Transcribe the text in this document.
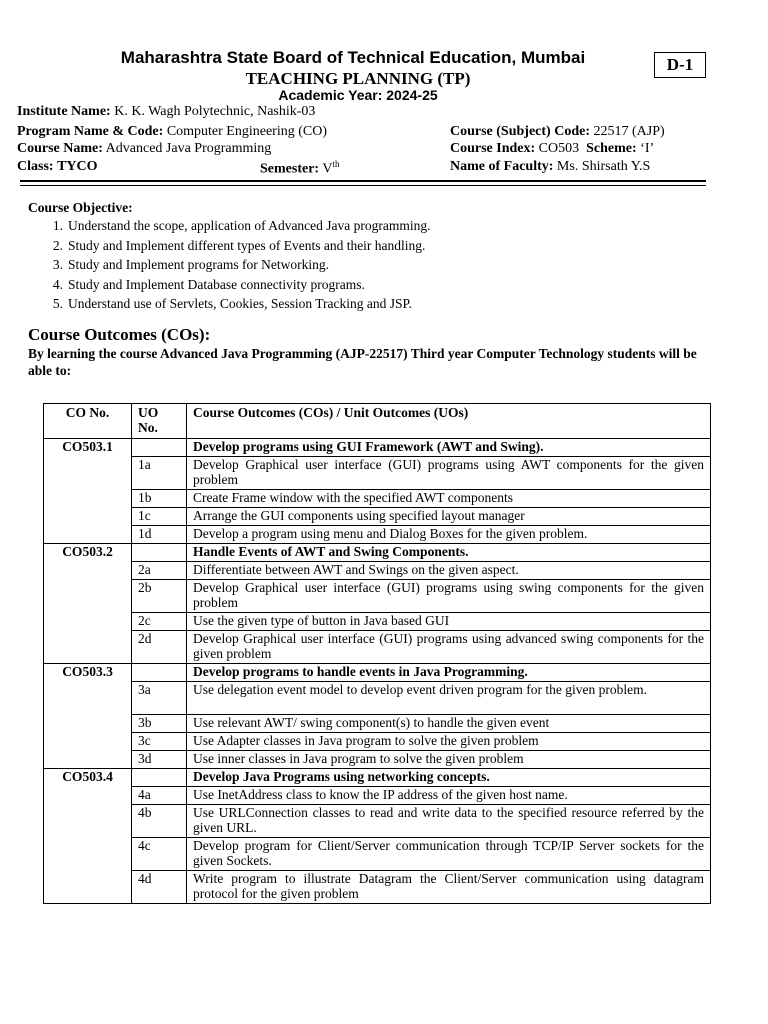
Maharashtra State Board of Technical Education, Mumbai
TEACHING PLANNING (TP)
Academic Year: 2024-25
D-1
Institute Name: K. K. Wagh Polytechnic, Nashik-03
Program Name & Code: Computer Engineering (CO)	Course (Subject) Code: 22517 (AJP)
Course Name: Advanced Java Programming	Course Index: CO503 Scheme: ‘I’
Class: TYCO	Semester: Vth	Name of Faculty: Ms. Shirsath Y.S
Course Objective:
1. Understand the scope, application of Advanced Java programming.
2. Study and Implement different types of Events and their handling.
3. Study and Implement programs for Networking.
4. Study and Implement Database connectivity programs.
5. Understand use of Servlets, Cookies, Session Tracking and JSP.
Course Outcomes (COs):
By learning the course Advanced Java Programming (AJP-22517) Third year Computer Technology students will be able to:
CO No.	UO No.	Course Outcomes (COs) / Unit Outcomes (UOs)
CO503.1		Develop programs using GUI Framework (AWT and Swing).
	1a	Develop Graphical user interface (GUI) programs using AWT components for the given problem
	1b	Create Frame window with the specified AWT components
	1c	Arrange the GUI components using specified layout manager
	1d	Develop a program using menu and Dialog Boxes for the given problem.
CO503.2		Handle Events of AWT and Swing Components.
	2a	Differentiate between AWT and Swings on the given aspect.
	2b	Develop Graphical user interface (GUI) programs using swing components for the given problem
	2c	Use the given type of button in Java based GUI
	2d	Develop Graphical user interface (GUI) programs using advanced swing components for the given problem
CO503.3		Develop programs to handle events in Java Programming.
	3a	Use delegation event model to develop event driven program for the given problem.
	3b	Use relevant AWT/ swing component(s) to handle the given event
	3c	Use Adapter classes in Java program to solve the given problem
	3d	Use inner classes in Java program to solve the given problem
CO503.4		Develop Java Programs using networking concepts.
	4a	Use InetAddress class to know the IP address of the given host name.
	4b	Use URLConnection classes to read and write data to the specified resource referred by the given URL.
	4c	Develop program for Client/Server communication through TCP/IP Server sockets for the given Sockets.
	4d	Write program to illustrate Datagram the Client/Server communication using datagram protocol for the given problem
